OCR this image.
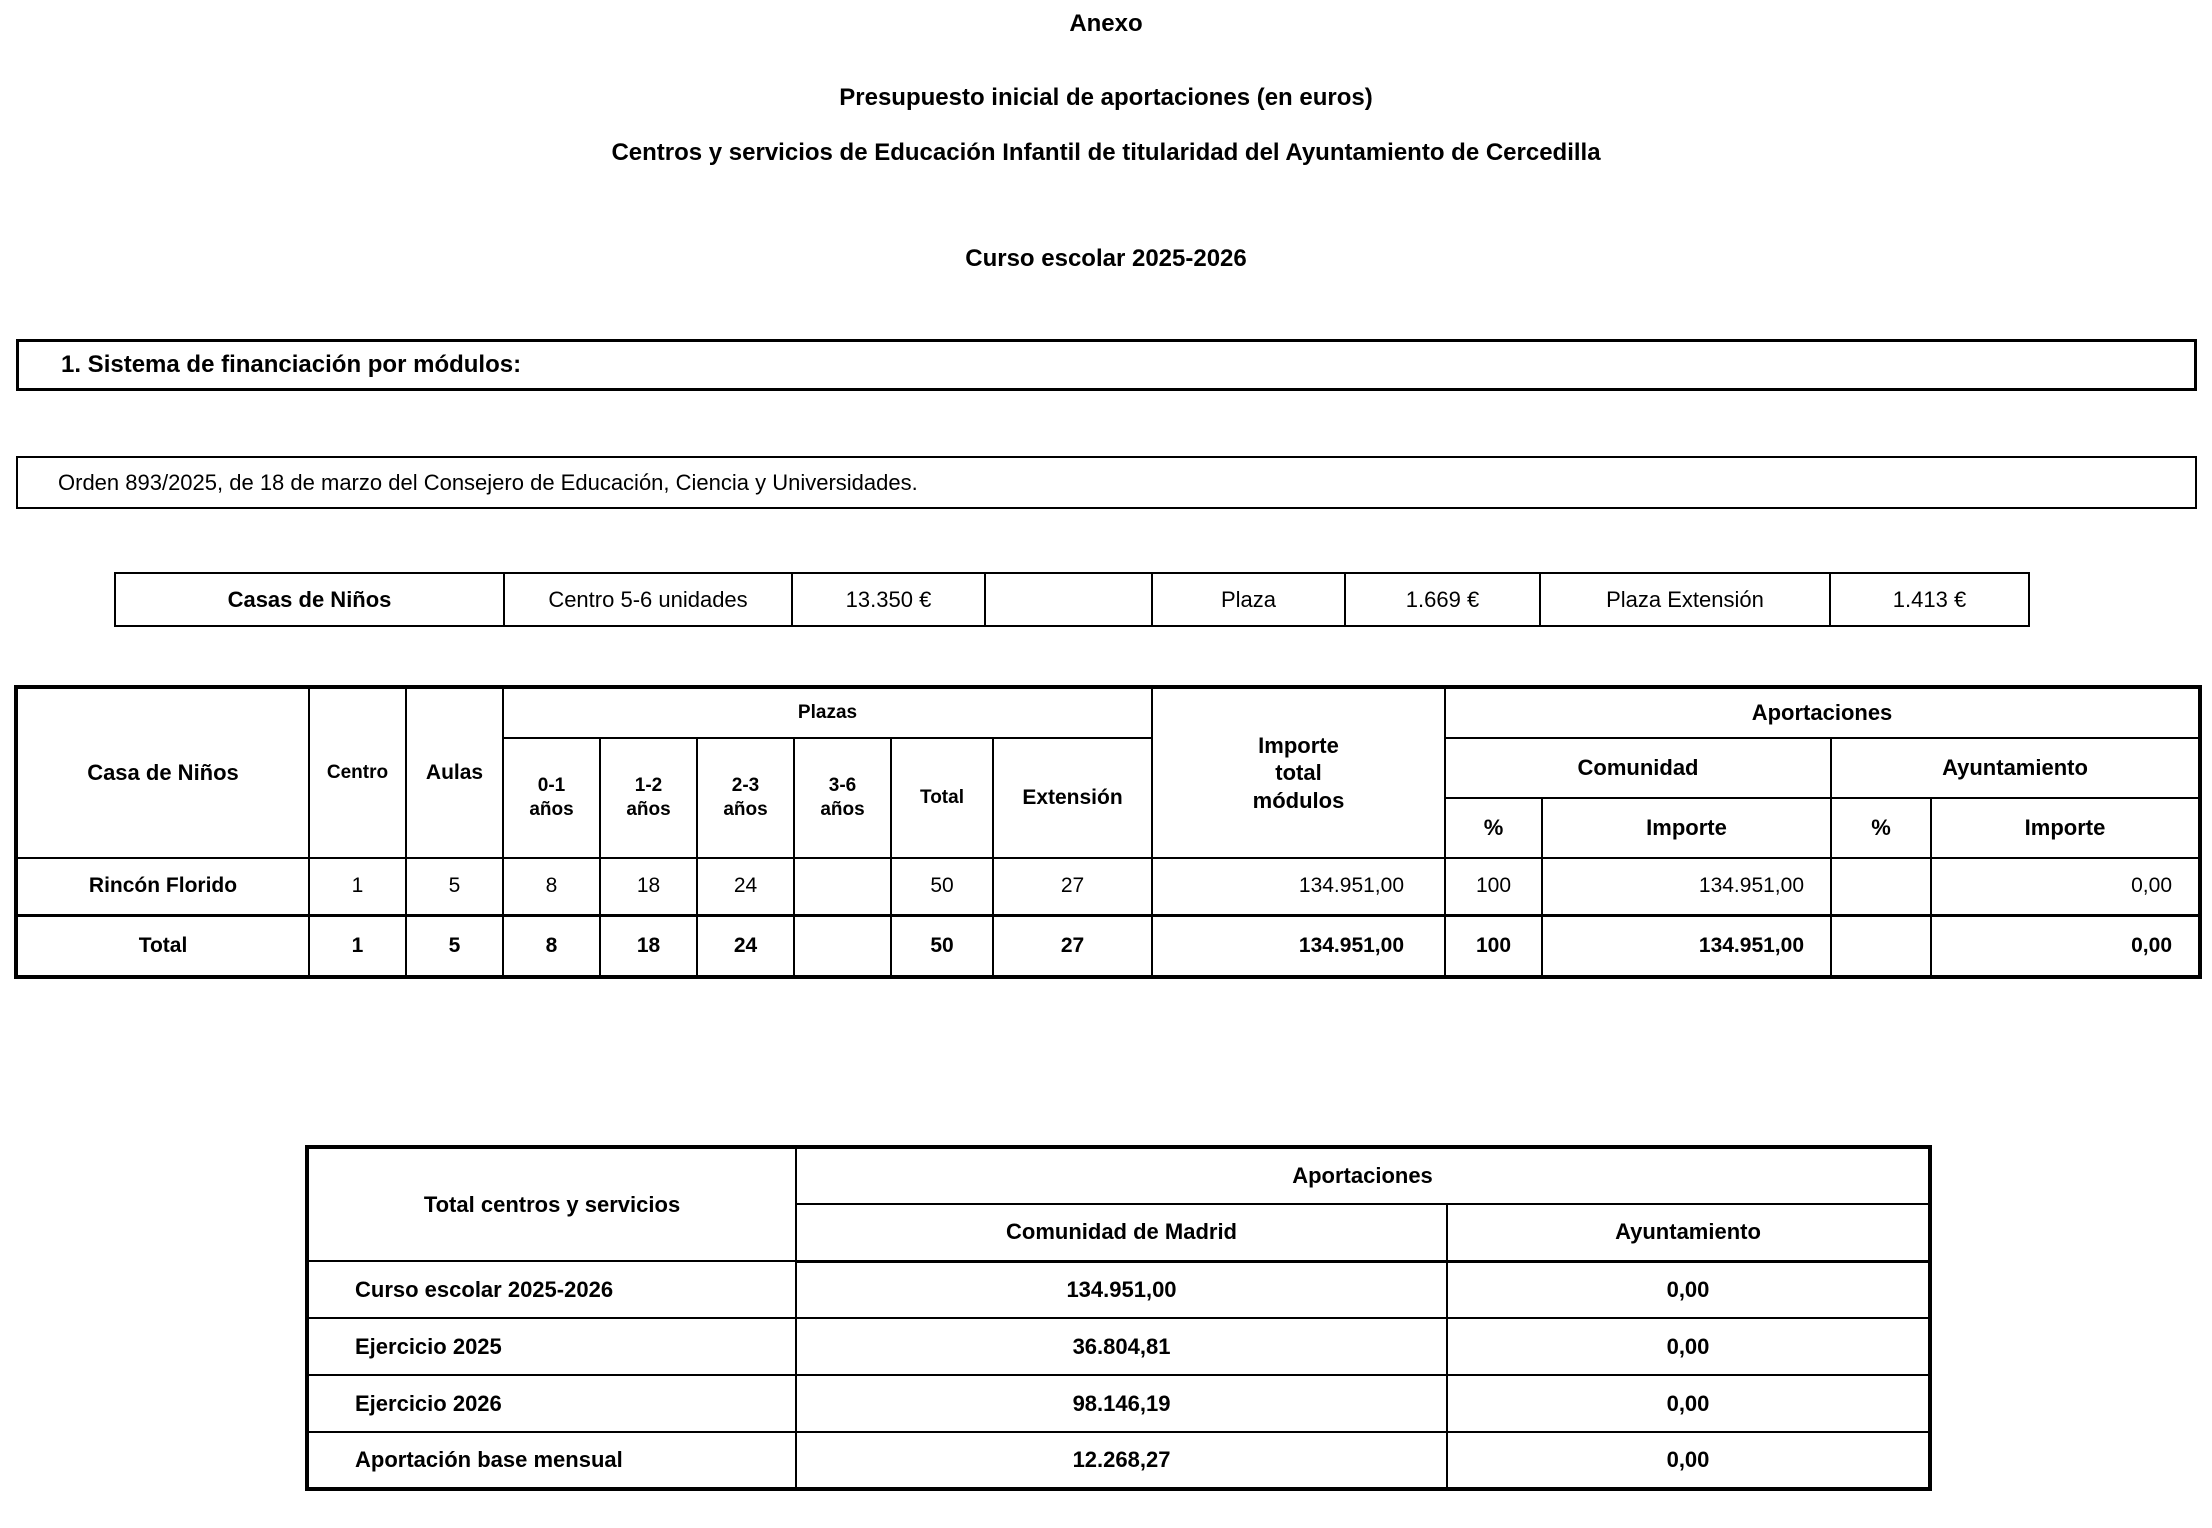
Anexo
Presupuesto inicial de aportaciones (en euros)
Centros y servicios de Educación Infantil de titularidad del Ayuntamiento de Cercedilla
Curso escolar 2025-2026
1. Sistema de financiación por módulos:
Orden 893/2025, de 18 de marzo del Consejero de Educación, Ciencia y Universidades.
Casas de Niños	Centro 5-6 unidades	13.350 €		Plaza	1.669 €	Plaza Extensión	1.413 €
Casa de Niños	Centro	Aulas	Plazas						Importe total módulos	Aportaciones			
			0-1 años	1-2 años	2-3 años	3-6 años	Total	Extensión		Comunidad		Ayuntamiento	
										%	Importe	%	Importe
Rincón Florido	1	5	8	18	24		50	27	134.951,00	100	134.951,00		0,00
Total	1	5	8	18	24		50	27	134.951,00	100	134.951,00		0,00
Total centros y servicios	Aportaciones	
	Comunidad de Madrid	Ayuntamiento
Curso escolar 2025-2026	134.951,00	0,00
Ejercicio 2025	36.804,81	0,00
Ejercicio 2026	98.146,19	0,00
Aportación base mensual	12.268,27	0,00
